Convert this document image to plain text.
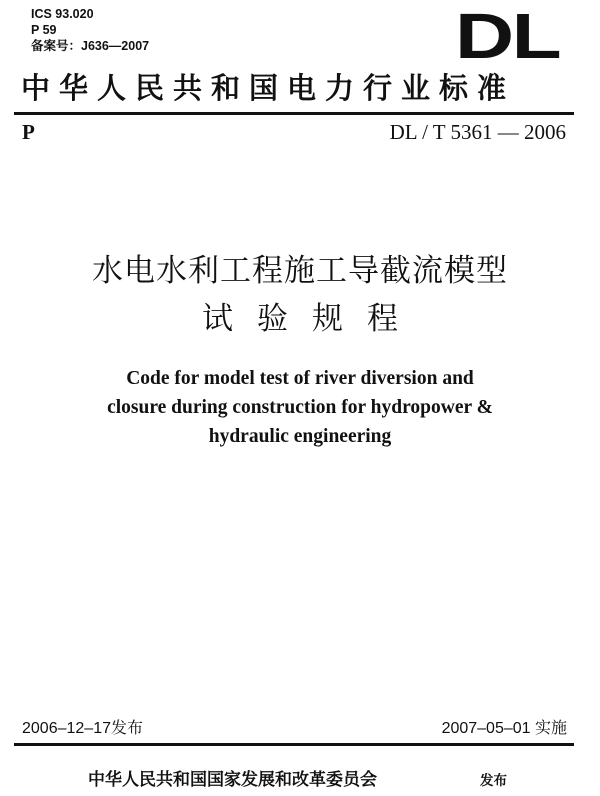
ICS 93.020
P 59
备案号：J636—2007	DL
中华人民共和国电力行业标准
P	DL / T 5361 — 2006
水电水利工程施工导截流模型
试 验 规 程
Code for model test of river diversion and
closure during construction for hydropower &
hydraulic engineering
2006–12–17发布	2007–05–01 实施
中华人民共和国国家发展和改革委员会	发布
